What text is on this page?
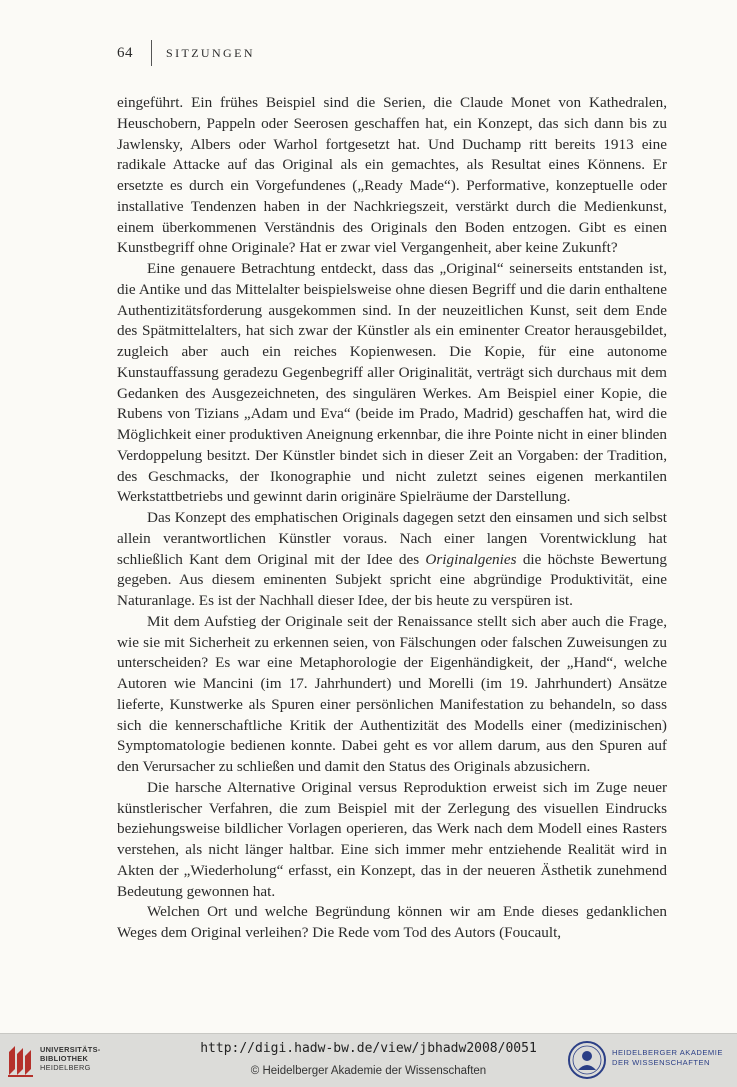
64	SITZUNGEN

eingeführt. Ein frühes Beispiel sind die Serien, die Claude Monet von Kathedralen, Heuschobern, Pappeln oder Seerosen geschaffen hat, ein Konzept, das sich dann bis zu Jawlensky, Albers oder Warhol fortgesetzt hat. Und Duchamp ritt bereits 1913 eine radikale Attacke auf das Original als ein gemachtes, als Resultat eines Könnens. Er ersetzte es durch ein Vorgefundenes („Ready Made“). Performative, konzeptuelle oder installative Tendenzen haben in der Nachkriegszeit, verstärkt durch die Medienkunst, einem überkommenen Verständnis des Originals den Boden entzogen. Gibt es einen Kunstbegriff ohne Originale? Hat er zwar viel Vergangenheit, aber keine Zukunft?

Eine genauere Betrachtung entdeckt, dass das „Original“ seinerseits entstanden ist, die Antike und das Mittelalter beispielsweise ohne diesen Begriff und die darin enthaltene Authentizitätsforderung ausgekommen sind. In der neuzeitlichen Kunst, seit dem Ende des Spätmittelalters, hat sich zwar der Künstler als ein eminenter Creator herausgebildet, zugleich aber auch ein reiches Kopienwesen. Die Kopie, für eine autonome Kunstauffassung geradezu Gegenbegriff aller Originalität, verträgt sich durchaus mit dem Gedanken des Ausgezeichneten, des singulären Werkes. Am Beispiel einer Kopie, die Rubens von Tizians „Adam und Eva“ (beide im Prado, Madrid) geschaffen hat, wird die Möglichkeit einer produktiven Aneignung erkennbar, die ihre Pointe nicht in einer blinden Verdoppelung besitzt. Der Künstler bindet sich in dieser Zeit an Vorgaben: der Tradition, des Geschmacks, der Ikonographie und nicht zuletzt seines eigenen merkantilen Werkstattbetriebs und gewinnt darin originäre Spielräume der Darstellung.

Das Konzept des emphatischen Originals dagegen setzt den einsamen und sich selbst allein verantwortlichen Künstler voraus. Nach einer langen Vorentwicklung hat schließlich Kant dem Original mit der Idee des Originalgenies die höchste Bewertung gegeben. Aus diesem eminenten Subjekt spricht eine abgründige Produktivität, eine Naturanlage. Es ist der Nachhall dieser Idee, der bis heute zu verspüren ist.

Mit dem Aufstieg der Originale seit der Renaissance stellt sich aber auch die Frage, wie sie mit Sicherheit zu erkennen seien, von Fälschungen oder falschen Zuweisungen zu unterscheiden? Es war eine Metaphorologie der Eigenhändigkeit, der „Hand“, welche Autoren wie Mancini (im 17. Jahrhundert) und Morelli (im 19. Jahrhundert) Ansätze lieferte, Kunstwerke als Spuren einer persönlichen Manifestation zu behandeln, so dass sich die kennerschaftliche Kritik der Authentizität des Modells einer (medizinischen) Symptomatologie bedienen konnte. Dabei geht es vor allem darum, aus den Spuren auf den Verursacher zu schließen und damit den Status des Originals abzusichern.

Die harsche Alternative Original versus Reproduktion erweist sich im Zuge neuer künstlerischer Verfahren, die zum Beispiel mit der Zerlegung des visuellen Eindrucks beziehungsweise bildlicher Vorlagen operieren, das Werk nach dem Modell eines Rasters verstehen, als nicht länger haltbar. Eine sich immer mehr entziehende Realität wird in Akten der „Wiederholung“ erfasst, ein Konzept, das in der neueren Ästhetik zunehmend Bedeutung gewonnen hat.

Welchen Ort und welche Begründung können wir am Ende dieses gedanklichen Weges dem Original verleihen? Die Rede vom Tod des Autors (Foucault,

UNIVERSITÄTS-
BIBLIOTHEK
HEIDELBERG
http://digi.hadw-bw.de/view/jbhadw2008/0051
© Heidelberger Akademie der Wissenschaften
HEIDELBERGER AKADEMIE
DER WISSENSCHAFTEN
